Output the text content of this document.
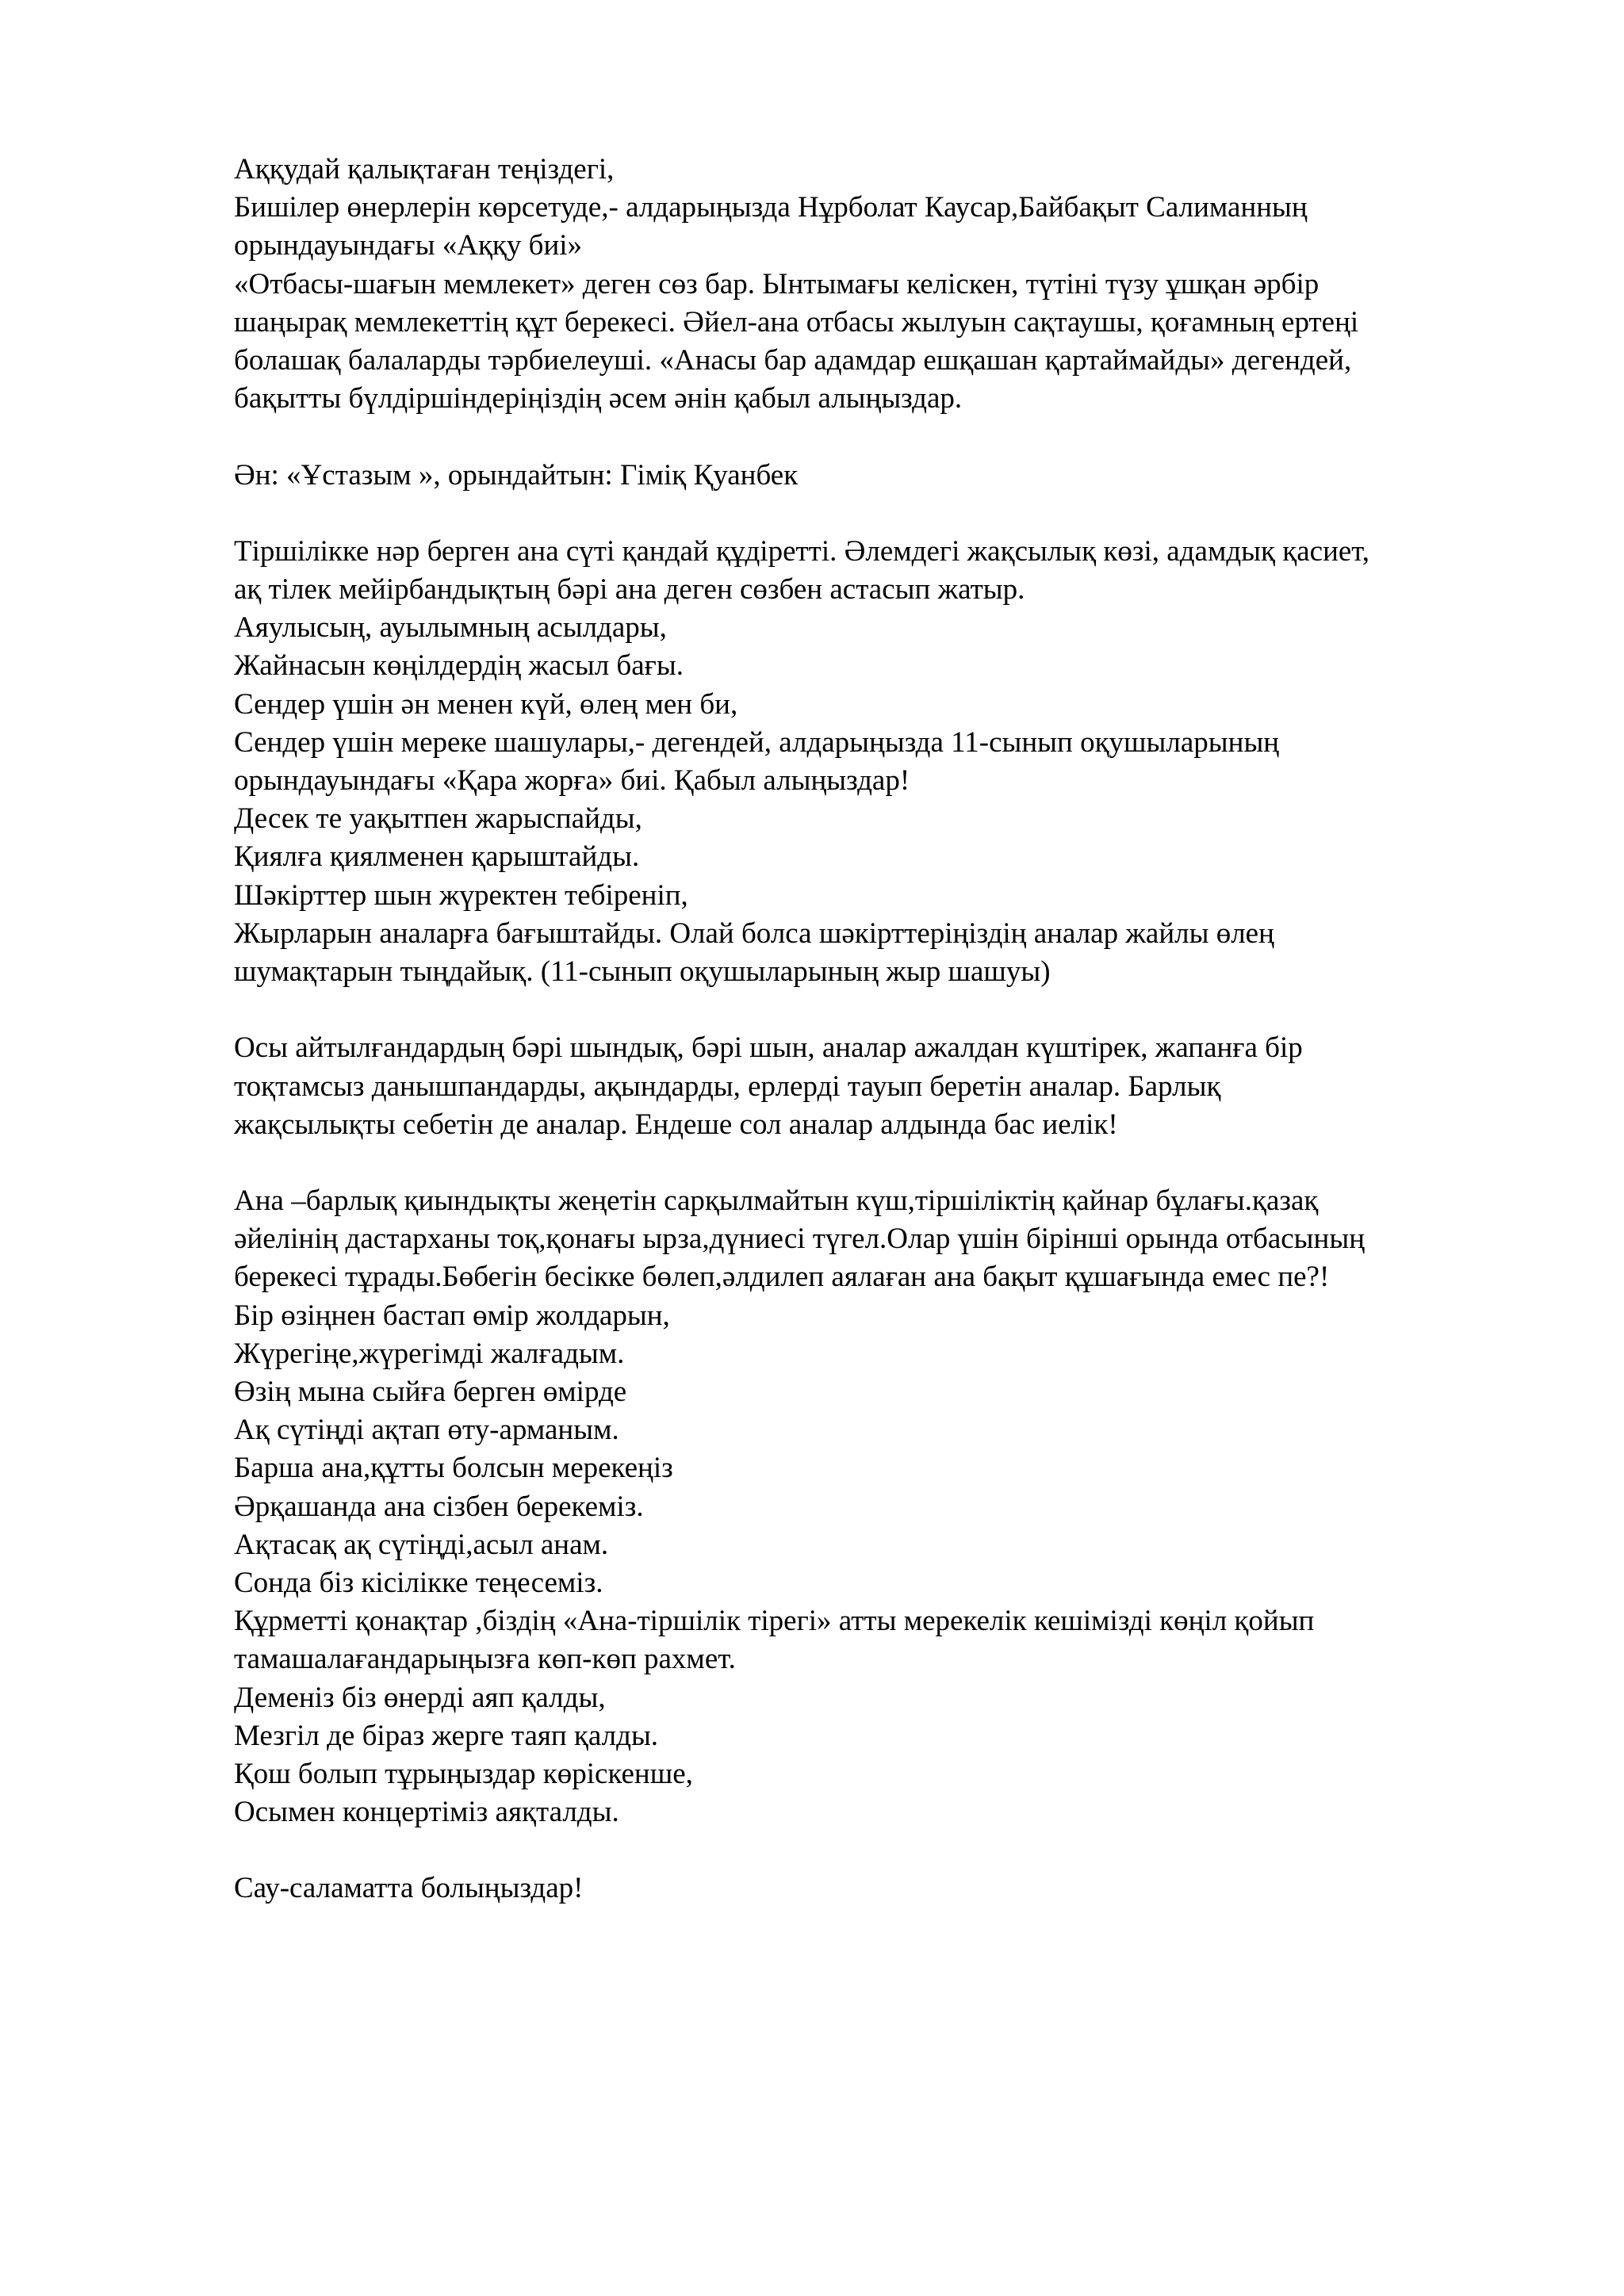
Аққудай қалықтаған теңіздегі,
Бишілер өнерлерін көрсетуде,- алдарыңызда Нұрболат Каусар,Байбақыт Салиманның
орындауындағы «Аққу биі»
«Отбасы-шағын мемлекет» деген сөз бар. Ынтымағы келіскен, түтіні түзу ұшқан әрбір
шаңырақ мемлекеттің құт берекесі. Әйел-ана отбасы жылуын сақтаушы, қоғамның ертеңі
болашақ балаларды тәрбиелеуші. «Анасы бар адамдар ешқашан қартаймайды» дегендей,
бақытты бүлдіршіндеріңіздің әсем әнін қабыл алыңыздар.
Ән: «Ұстазым », орындайтын: Гіміқ Қуанбек
Тіршілікке нәр берген ана сүті қандай құдіретті. Әлемдегі жақсылық көзі, адамдық қасиет,
ақ тілек мейірбандықтың бәрі ана деген сөзбен астасып жатыр.
Аяулысың, ауылымның асылдары,
Жайнасын көңілдердің жасыл бағы.
Сендер үшін ән менен күй, өлең мен би,
Сендер үшін мереке шашулары,- дегендей, алдарыңызда 11-сынып оқушыларының
орындауындағы «Қара жорға» биі. Қабыл алыңыздар!
Десек те уақытпен жарыспайды,
Қиялға қиялменен қарыштайды.
Шәкірттер шын жүректен тебіреніп,
Жырларын аналарға бағыштайды. Олай болса шәкірттеріңіздің аналар жайлы өлең
шумақтарын тыңдайық. (11-сынып оқушыларының жыр шашуы)
Осы айтылғандардың бәрі шындық, бәрі шын, аналар ажалдан күштірек, жапанға бір
тоқтамсыз данышпандарды, ақындарды, ерлерді тауып беретін аналар. Барлық
жақсылықты себетін де аналар. Ендеше сол аналар алдында бас иелік!
Ана –барлық қиындықты жеңетін сарқылмайтын күш,тіршіліктің қайнар бұлағы.қазақ
әйелінің дастарханы тоқ,қонағы ырза,дүниесі түгел.Олар үшін бірінші орында отбасының
берекесі тұрады.Бөбегін бесікке бөлеп,әлдилеп аялаған ана бақыт құшағында емес пе?!
Бір өзіңнен бастап өмір жолдарын,
Жүрегіңе,жүрегімді жалғадым.
Өзің мына сыйға берген өмірде
Ақ сүтіңді ақтап өту-арманым.
Барша ана,құтты болсын мерекеңіз
Әрқашанда ана сізбен берекеміз.
Ақтасақ ақ сүтіңді,асыл анам.
Сонда біз кісілікке теңесеміз.
Құрметті қонақтар ,біздің «Ана-тіршілік тірегі» атты мерекелік кешімізді көңіл қойып
тамашалағандарыңызға көп-көп рахмет.
Деменіз біз өнерді аяп қалды,
Мезгіл де біраз жерге таяп қалды.
Қош болып тұрыңыздар көріскенше,
Осымен концертіміз аяқталды.
Сау-саламатта болыңыздар!
